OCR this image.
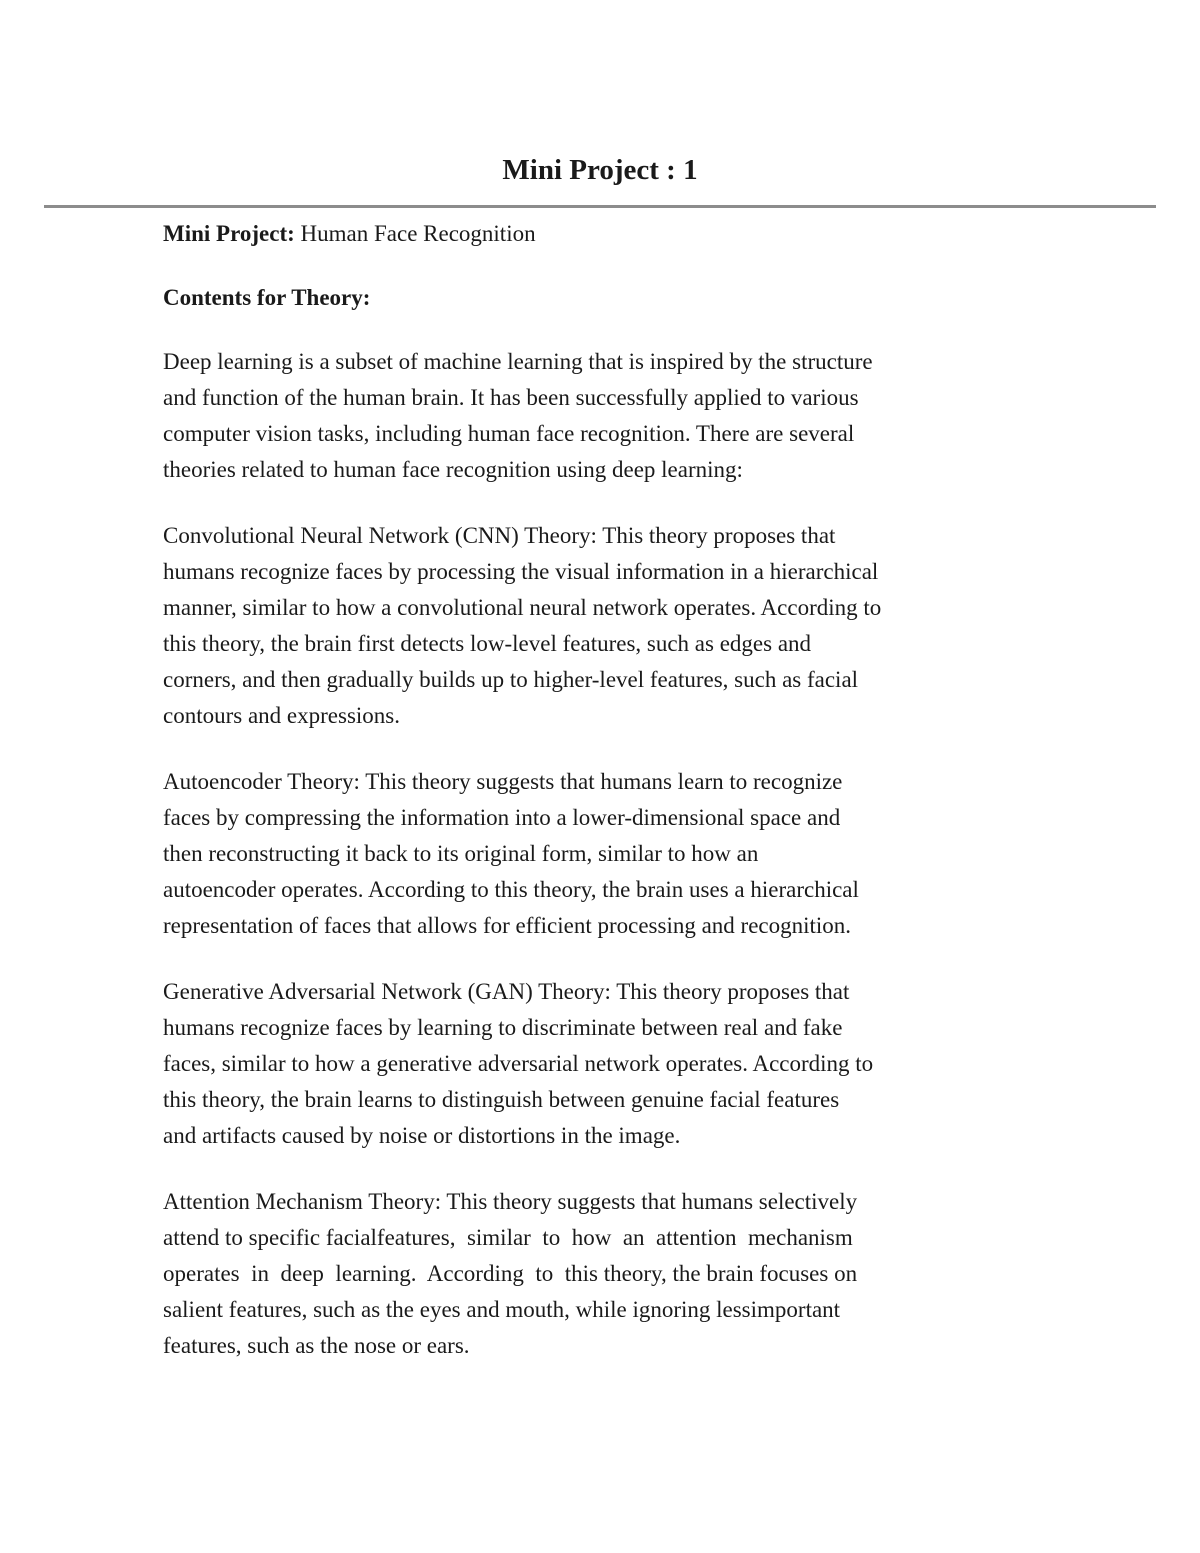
Mini Project : 1

Mini Project: Human Face Recognition

Contents for Theory:

Deep learning is a subset of machine learning that is inspired by the structure
and function of the human brain. It has been successfully applied to various
computer vision tasks, including human face recognition. There are several
theories related to human face recognition using deep learning:

Convolutional Neural Network (CNN) Theory: This theory proposes that
humans recognize faces by processing the visual information in a hierarchical
manner, similar to how a convolutional neural network operates. According to
this theory, the brain first detects low-level features, such as edges and
corners, and then gradually builds up to higher-level features, such as facial
contours and expressions.

Autoencoder Theory: This theory suggests that humans learn to recognize
faces by compressing the information into a lower-dimensional space and
then reconstructing it back to its original form, similar to how an
autoencoder operates. According to this theory, the brain uses a hierarchical
representation of faces that allows for efficient processing and recognition.

Generative Adversarial Network (GAN) Theory: This theory proposes that
humans recognize faces by learning to discriminate between real and fake
faces, similar to how a generative adversarial network operates. According to
this theory, the brain learns to distinguish between genuine facial features
and artifacts caused by noise or distortions in the image.

Attention Mechanism Theory: This theory suggests that humans selectively
attend to specific facialfeatures,  similar  to  how  an  attention  mechanism
operates  in  deep  learning.  According  to  this theory, the brain focuses on
salient features, such as the eyes and mouth, while ignoring lessimportant
features, such as the nose or ears.
